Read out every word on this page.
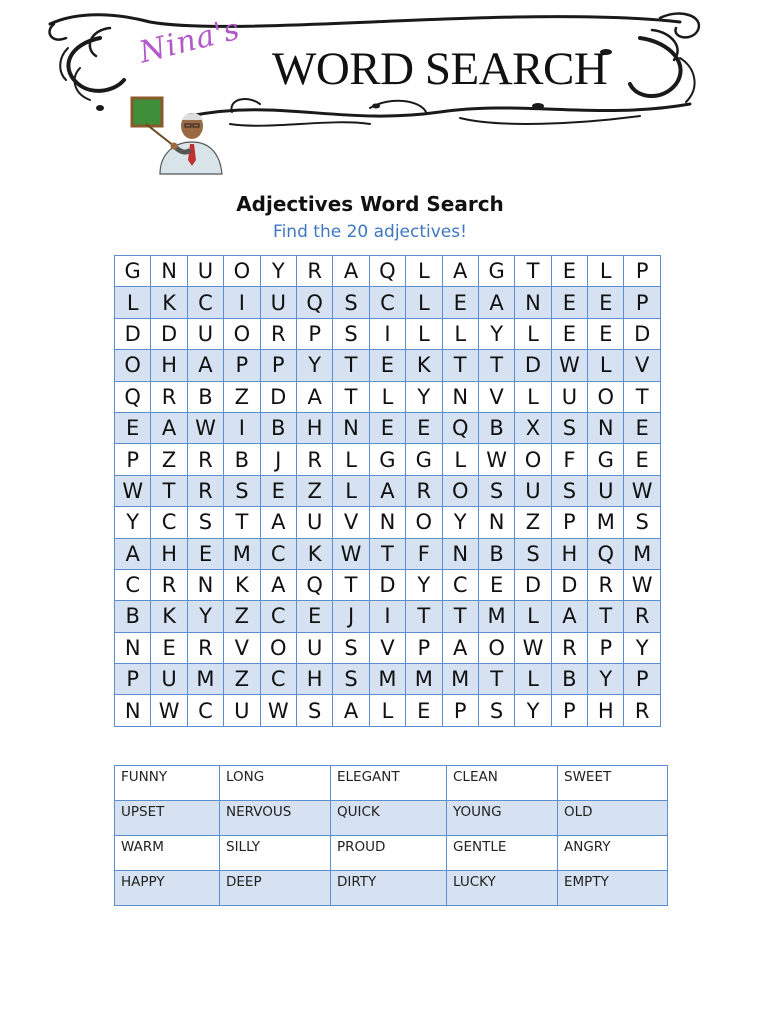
Nina's WORD SEARCH
Adjectives Word Search
Find the 20 adjectives!
G	N	U	O	Y	R	A	Q	L	A	G	T	E	L	P
L	K	C	I	U	Q	S	C	L	E	A	N	E	E	P
D	D	U	O	R	P	S	I	L	L	Y	L	E	E	D
O	H	A	P	P	Y	T	E	K	T	T	D	W	L	V
Q	R	B	Z	D	A	T	L	Y	N	V	L	U	O	T
E	A	W	I	B	H	N	E	E	Q	B	X	S	N	E
P	Z	R	B	J	R	L	G	G	L	W	O	F	G	E
W	T	R	S	E	Z	L	A	R	O	S	U	S	U	W
Y	C	S	T	A	U	V	N	O	Y	N	Z	P	M	S
A	H	E	M	C	K	W	T	F	N	B	S	H	Q	M
C	R	N	K	A	Q	T	D	Y	C	E	D	D	R	W
B	K	Y	Z	C	E	J	I	T	T	M	L	A	T	R
N	E	R	V	O	U	S	V	P	A	O	W	R	P	Y
P	U	M	Z	C	H	S	M	M	M	T	L	B	Y	P
N	W	C	U	W	S	A	L	E	P	S	Y	P	H	R
FUNNY	LONG	ELEGANT	CLEAN	SWEET
UPSET	NERVOUS	QUICK	YOUNG	OLD
WARM	SILLY	PROUD	GENTLE	ANGRY
HAPPY	DEEP	DIRTY	LUCKY	EMPTY
